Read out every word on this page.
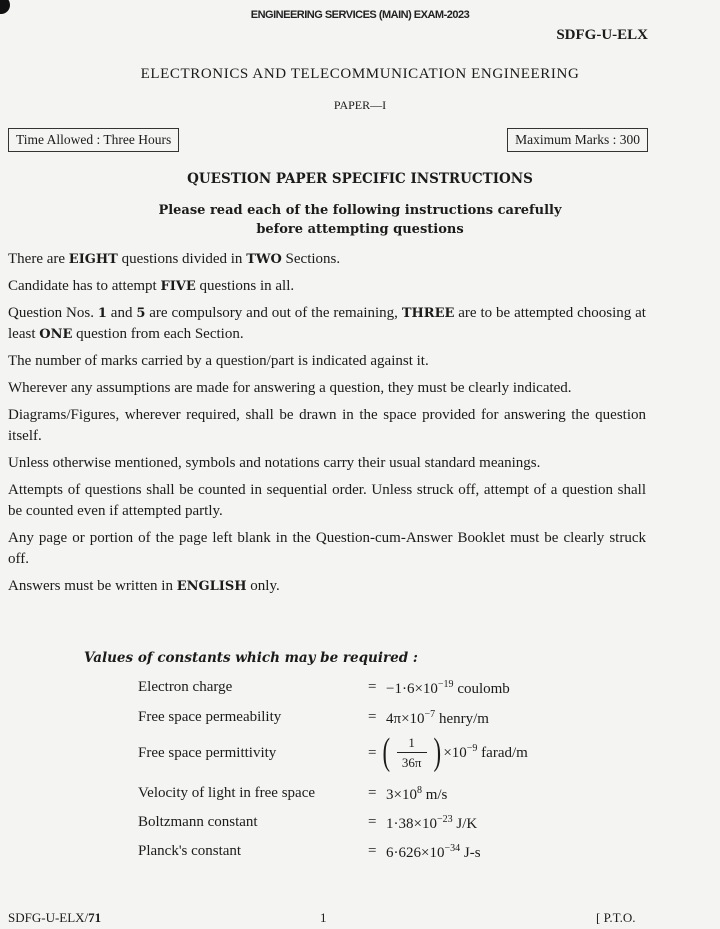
ENGINEERING SERVICES (MAIN) EXAM-2023
SDFG-U-ELX
ELECTRONICS AND TELECOMMUNICATION ENGINEERING
PAPER—I
Time Allowed : Three Hours	Maximum Marks : 300
QUESTION PAPER SPECIFIC INSTRUCTIONS
Please read each of the following instructions carefully
before attempting questions
There are EIGHT questions divided in TWO Sections.
Candidate has to attempt FIVE questions in all.
Question Nos. 1 and 5 are compulsory and out of the remaining, THREE are to be attempted choosing at least ONE question from each Section.
The number of marks carried by a question/part is indicated against it.
Wherever any assumptions are made for answering a question, they must be clearly indicated.
Diagrams/Figures, wherever required, shall be drawn in the space provided for answering the question itself.
Unless otherwise mentioned, symbols and notations carry their usual standard meanings.
Attempts of questions shall be counted in sequential order. Unless struck off, attempt of a question shall be counted even if attempted partly.
Any page or portion of the page left blank in the Question-cum-Answer Booklet must be clearly struck off.
Answers must be written in ENGLISH only.
Values of constants which may be required :
Electron charge	= $-1\cdot 6\times 10^{-19}$ coulomb
Free space permeability	= $4\pi\times 10^{-7}$ henry/m
Free space permittivity	= ( $\frac{1}{36\pi}$ ) $\times 10^{-9}$ farad/m
Velocity of light in free space	= $3\times 10^8$ m/s
Boltzmann constant	= $1\cdot 38\times 10^{-23}$ J/K
Planck's constant	= $6\cdot 626\times 10^{-34}$ J-s
SDFG-U-ELX/71	1	[ P.T.O.
